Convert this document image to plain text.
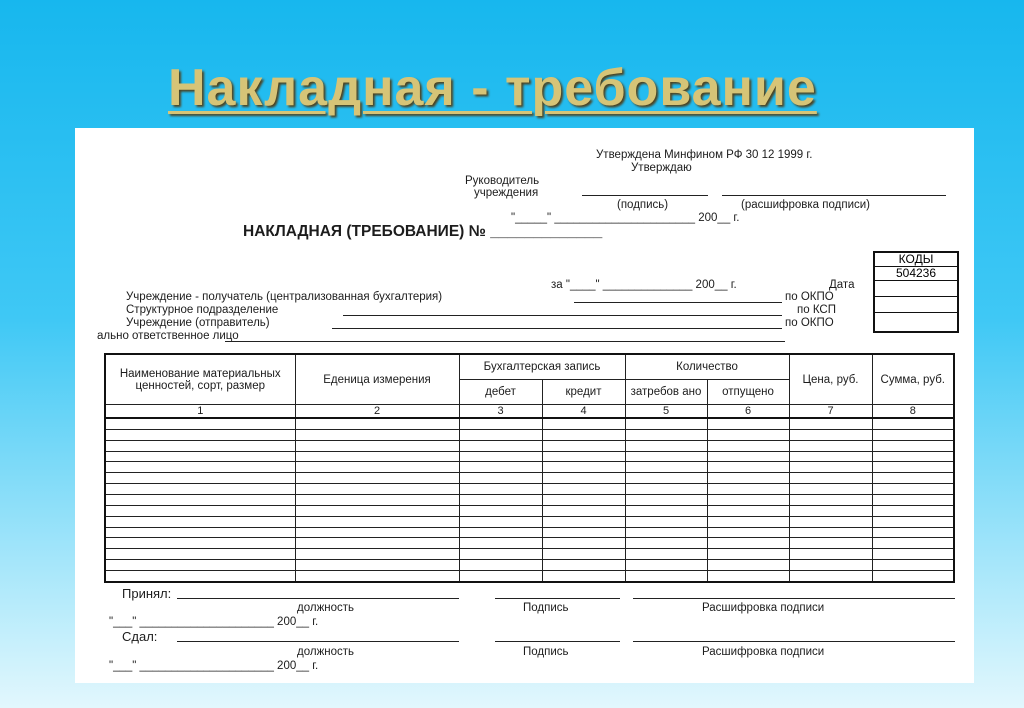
Накладная - требование
Утверждена Минфином РФ 30 12 1999 г.
Утверждаю
Руководитель
учреждения
(подпись)	(расшифровка подписи)
"_____" ______________________ 200__ г.
НАКЛАДНАЯ (ТРЕБОВАНИЕ) № _____________
КОДЫ
504236
за "____" ______________ 200__ г.	Дата
Учреждение - получатель (централизованная бухгалтерия)	по ОКПО
Структурное подразделение	по КСП
Учреждение (отправитель)	по ОКПО
ально ответственное лицо
Наименование материальных ценностей, сорт, размер	Еденица измерения	Бухгалтерская запись		Количество		Цена, руб.	Сумма, руб.
		дебет	кредит	затребов ано	отпущено		
1	2	3	4	5	6	7	8

Принял:
должность	Подпись	Расшифровка подписи
"___" _____________________ 200__ г.
Сдал:
должность	Подпись	Расшифровка подписи
"___" _____________________ 200__ г.
